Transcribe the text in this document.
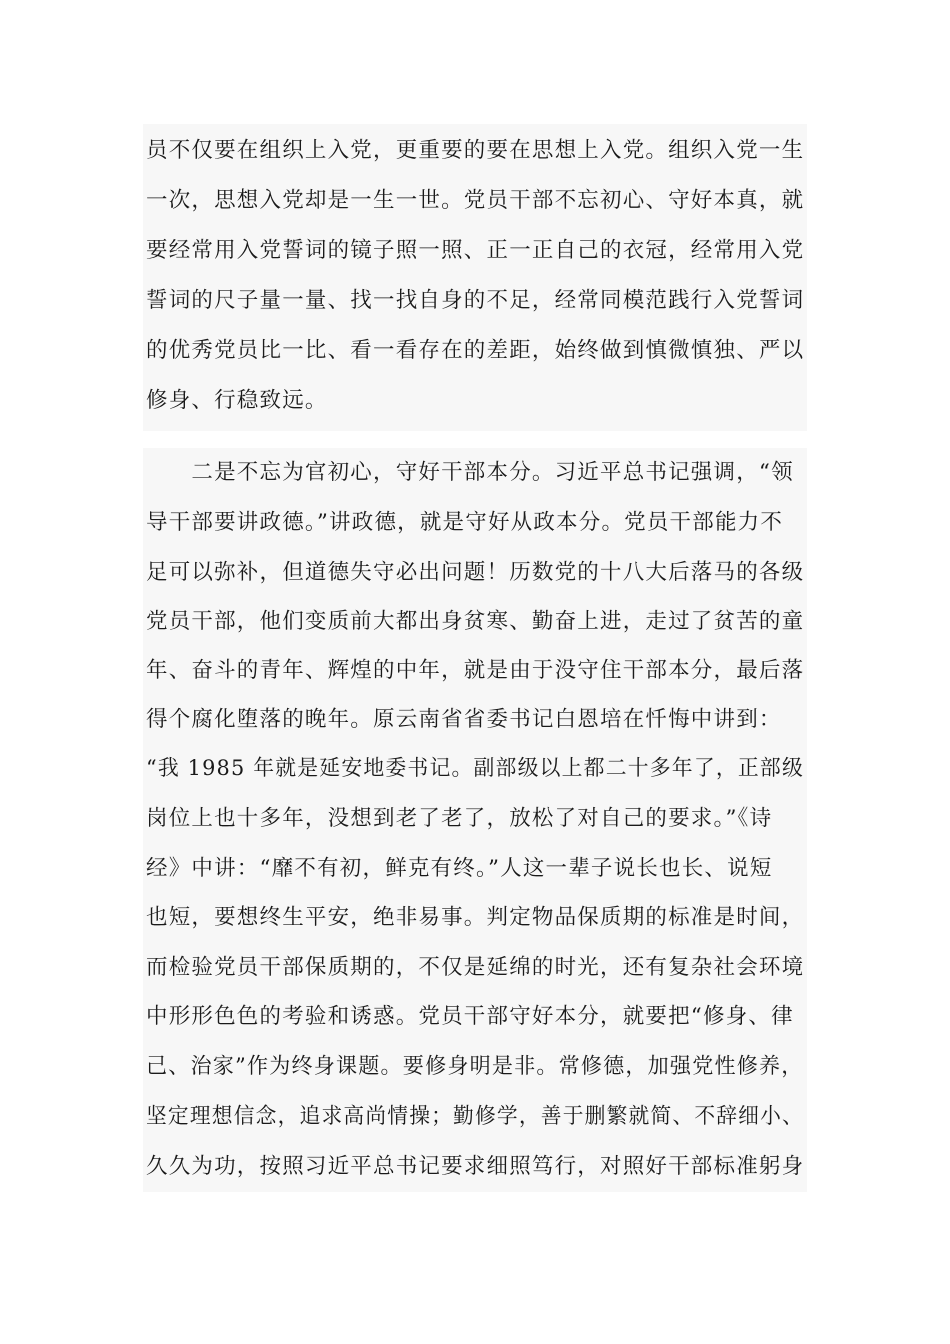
员不仅要在组织上入党，更重要的要在思想上入党。组织入党一生
一次，思想入党却是一生一世。党员干部不忘初心、守好本真，就
要经常用入党誓词的镜子照一照、正一正自己的衣冠，经常用入党
誓词的尺子量一量、找一找自身的不足，经常同模范践行入党誓词
的优秀党员比一比、看一看存在的差距，始终做到慎微慎独、严以
修身、行稳致远。
　　二是不忘为官初心，守好干部本分。习近平总书记强调，“领
导干部要讲政德。”讲政德，就是守好从政本分。党员干部能力不
足可以弥补，但道德失守必出问题！历数党的十八大后落马的各级
党员干部，他们变质前大都出身贫寒、勤奋上进，走过了贫苦的童
年、奋斗的青年、辉煌的中年，就是由于没守住干部本分，最后落
得个腐化堕落的晚年。原云南省省委书记白恩培在忏悔中讲到：
“我 1985 年就是延安地委书记。副部级以上都二十多年了，正部级
岗位上也十多年，没想到老了老了，放松了对自己的要求。”《诗
经》中讲：“靡不有初，鲜克有终。”人这一辈子说长也长、说短
也短，要想终生平安，绝非易事。判定物品保质期的标准是时间，
而检验党员干部保质期的，不仅是延绵的时光，还有复杂社会环境
中形形色色的考验和诱惑。党员干部守好本分，就要把“修身、律
己、治家”作为终身课题。要修身明是非。常修德，加强党性修养，
坚定理想信念，追求高尚情操；勤修学，善于删繁就简、不辞细小、
久久为功，按照习近平总书记要求细照笃行，对照好干部标准躬身
